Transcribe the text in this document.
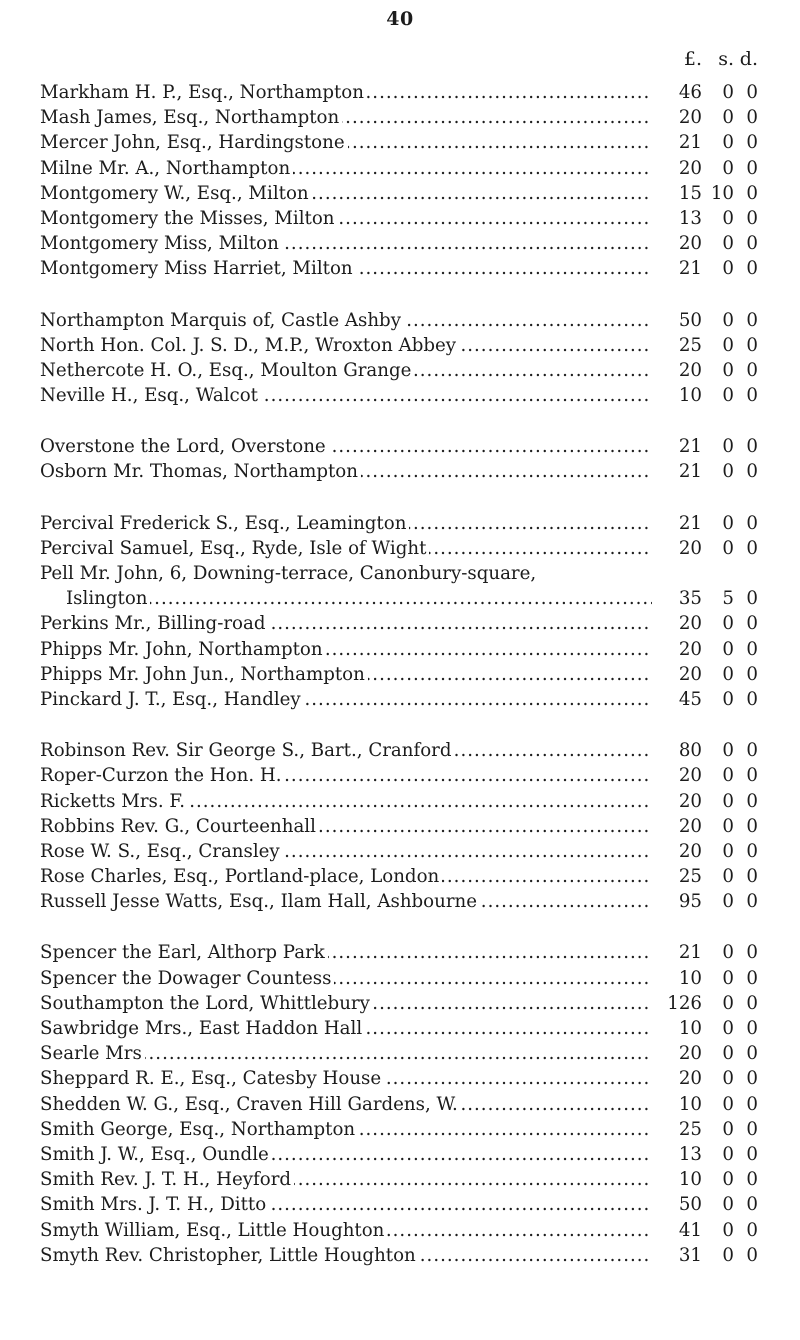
40
£. s. d.
Markham H. P., Esq., Northampton .....	46	0 0
Mash James, Esq., Northampton .....	20	0 0
Mercer John, Esq., Hardingstone .....	21	0 0
Milne Mr. A., Northampton .....	20	0 0
Montgomery W., Esq., Milton .....	15 10 0
Montgomery the Misses, Milton .....	13	0 0
Montgomery Miss, Milton .....	20	0 0
Montgomery Miss Harriet, Milton .....	21	0 0
Northampton Marquis of, Castle Ashby .....	50	0 0
North Hon. Col. J. S. D., M.P., Wroxton Abbey .....	25	0 0
Nethercote H. O., Esq., Moulton Grange .....	20	0 0
Neville H., Esq., Walcot .....	10	0 0
Overstone the Lord, Overstone .....	21	0 0
Osborn Mr. Thomas, Northampton .....	21	0 0
Percival Frederick S., Esq., Leamington .....	21	0 0
Percival Samuel, Esq., Ryde, Isle of Wight .....	20	0 0
Pell Mr. John, 6, Downing-terrace, Canonbury-square,
Islington .....	35	5 0
Perkins Mr., Billing-road .....	20	0 0
Phipps Mr. John, Northampton .....	20	0 0
Phipps Mr. John Jun., Northampton .....	20	0 0
Pinckard J. T., Esq., Handley .....	45	0 0
Robinson Rev. Sir George S., Bart., Cranford .....	80	0 0
Roper-Curzon the Hon. H. .....	20	0 0
Ricketts Mrs. F. .....	20	0 0
Robbins Rev. G., Courteenhall .....	20	0 0
Rose W. S., Esq., Cransley .....	20	0 0
Rose Charles, Esq., Portland-place, London .....	25	0 0
Russell Jesse Watts, Esq., Ilam Hall, Ashbourne .....	95	0 0
Spencer the Earl, Althorp Park .....	21	0 0
Spencer the Dowager Countess .....	10	0 0
Southampton the Lord, Whittlebury .....	126	0 0
Sawbridge Mrs., East Haddon Hall .....	10	0 0
Searle Mrs .....	20	0 0
Sheppard R. E., Esq., Catesby House .....	20	0 0
Shedden W. G., Esq., Craven Hill Gardens, W. .....	10	0 0
Smith George, Esq., Northampton .....	25	0 0
Smith J. W., Esq., Oundle .....	13	0 0
Smith Rev. J. T. H., Heyford .....	10	0 0
Smith Mrs. J. T. H., Ditto .....	50	0 0
Smyth William, Esq., Little Houghton .....	41	0 0
Smyth Rev. Christopher, Little Houghton .....	31	0 0
